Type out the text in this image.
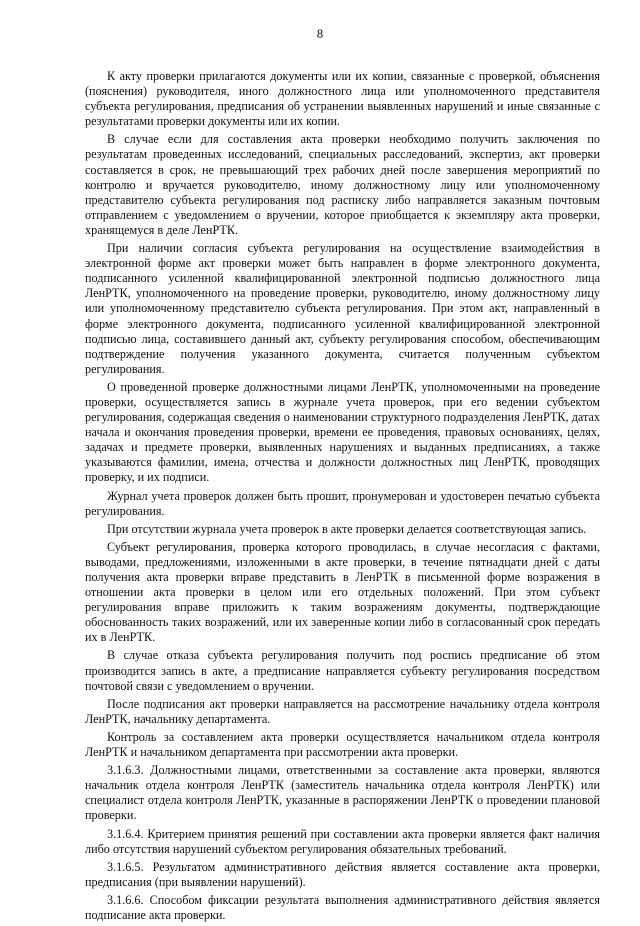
8

К акту проверки прилагаются документы или их копии, связанные с проверкой, объяснения (пояснения) руководителя, иного должностного лица или уполномоченного представителя субъекта регулирования, предписания об устранении выявленных нарушений и иные связанные с результатами проверки документы или их копии.

В случае если для составления акта проверки необходимо получить заключения по результатам проведенных исследований, специальных расследований, экспертиз, акт проверки составляется в срок, не превышающий трех рабочих дней после завершения мероприятий по контролю и вручается руководителю, иному должностному лицу или уполномоченному представителю субъекта регулирования под расписку либо направляется заказным почтовым отправлением с уведомлением о вручении, которое приобщается к экземпляру акта проверки, хранящемуся в деле ЛенРТК.

При наличии согласия субъекта регулирования на осуществление взаимодействия в электронной форме акт проверки может быть направлен в форме электронного документа, подписанного усиленной квалифицированной электронной подписью должностного лица ЛенРТК, уполномоченного на проведение проверки, руководителю, иному должностному лицу или уполномоченному представителю субъекта регулирования. При этом акт, направленный в форме электронного документа, подписанного усиленной квалифицированной электронной подписью лица, составившего данный акт, субъекту регулирования способом, обеспечивающим подтверждение получения указанного документа, считается полученным субъектом регулирования.

О проведенной проверке должностными лицами ЛенРТК, уполномоченными на проведение проверки, осуществляется запись в журнале учета проверок, при его ведении субъектом регулирования, содержащая сведения о наименовании структурного подразделения ЛенРТК, датах начала и окончания проведения проверки, времени ее проведения, правовых основаниях, целях, задачах и предмете проверки, выявленных нарушениях и выданных предписаниях, а также указываются фамилии, имена, отчества и должности должностных лиц ЛенРТК, проводящих проверку, и их подписи.

Журнал учета проверок должен быть прошит, пронумерован и удостоверен печатью субъекта регулирования.

При отсутствии журнала учета проверок в акте проверки делается соответствующая запись.

Субъект регулирования, проверка которого проводилась, в случае несогласия с фактами, выводами, предложениями, изложенными в акте проверки, в течение пятнадцати дней с даты получения акта проверки вправе представить в ЛенРТК в письменной форме возражения в отношении акта проверки в целом или его отдельных положений. При этом субъект регулирования вправе приложить к таким возражениям документы, подтверждающие обоснованность таких возражений, или их заверенные копии либо в согласованный срок передать их в ЛенРТК.

В случае отказа субъекта регулирования получить под роспись предписание об этом производится запись в акте, а предписание направляется субъекту регулирования посредством почтовой связи с уведомлением о вручении.

После подписания акт проверки направляется на рассмотрение начальнику отдела контроля ЛенРТК, начальнику департамента.

Контроль за составлением акта проверки осуществляется начальником отдела контроля ЛенРТК и начальником департамента при рассмотрении акта проверки.

3.1.6.3. Должностными лицами, ответственными за составление акта проверки, являются начальник отдела контроля ЛенРТК (заместитель начальника отдела контроля ЛенРТК) или специалист отдела контроля ЛенРТК, указанные в распоряжении ЛенРТК о проведении плановой проверки.

3.1.6.4. Критерием принятия решений при составлении акта проверки является факт наличия либо отсутствия нарушений субъектом регулирования обязательных требований.

3.1.6.5. Результатом административного действия является составление акта проверки, предписания (при выявлении нарушений).

3.1.6.6. Способом фиксации результата выполнения административного действия является подписание акта проверки.
